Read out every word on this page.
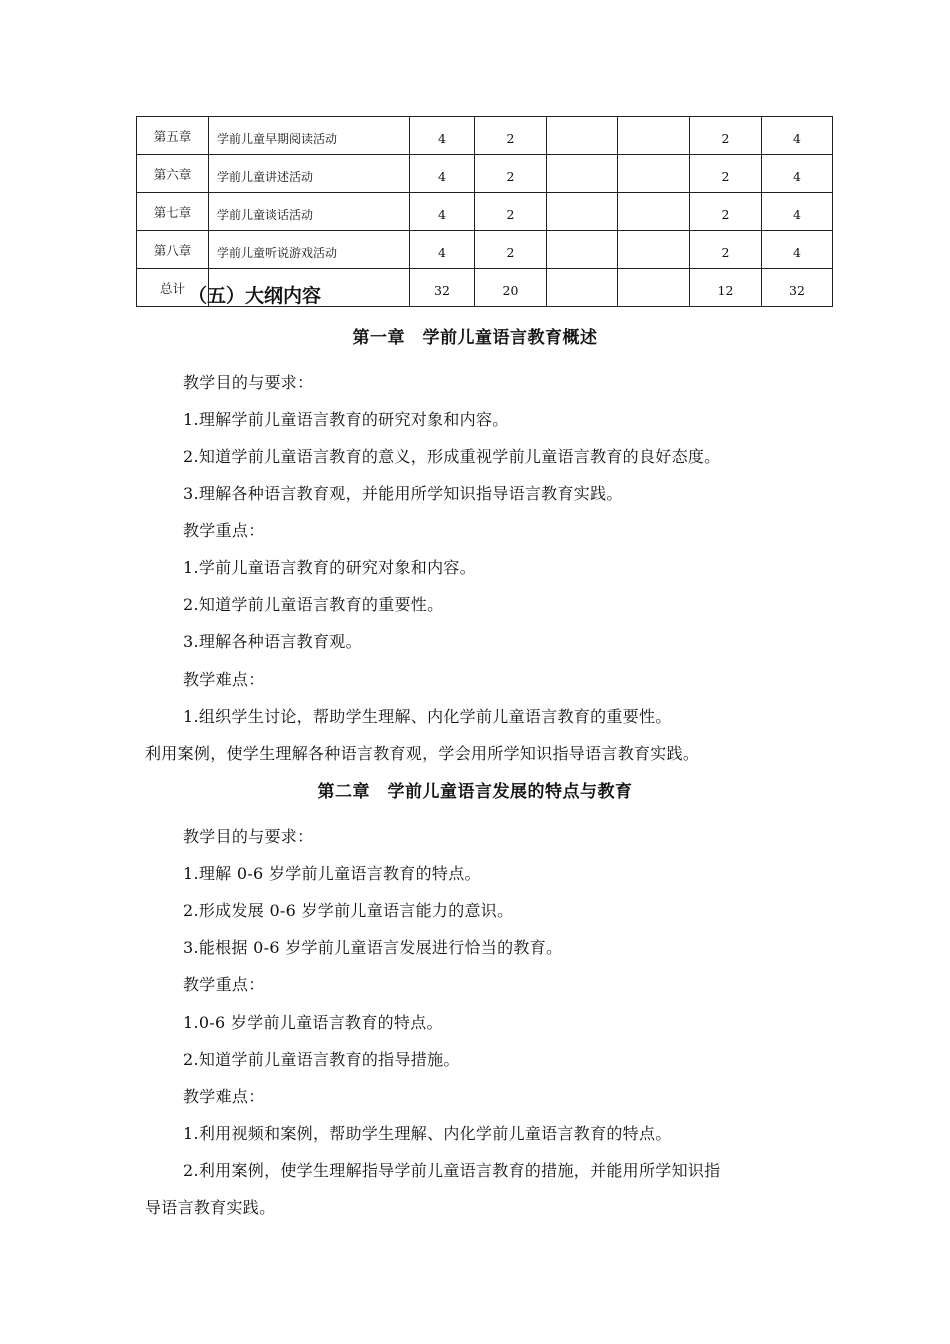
第五章	学前儿童早期阅读活动	4	2			2	4
第六章	学前儿童讲述活动	4	2			2	4
第七章	学前儿童谈话活动	4	2			2	4
第八章	学前儿童听说游戏活动	4	2			2	4
总计		32	20			12	32
（五）大纲内容
第一章　学前儿童语言教育概述
教学目的与要求：
1.理解学前儿童语言教育的研究对象和内容。
2.知道学前儿童语言教育的意义，形成重视学前儿童语言教育的良好态度。
3.理解各种语言教育观，并能用所学知识指导语言教育实践。
教学重点：
1.学前儿童语言教育的研究对象和内容。
2.知道学前儿童语言教育的重要性。
3.理解各种语言教育观。
教学难点：
1.组织学生讨论，帮助学生理解、内化学前儿童语言教育的重要性。
利用案例，使学生理解各种语言教育观，学会用所学知识指导语言教育实践。
第二章　学前儿童语言发展的特点与教育
教学目的与要求：
1.理解 0-6 岁学前儿童语言教育的特点。
2.形成发展 0-6 岁学前儿童语言能力的意识。
3.能根据 0-6 岁学前儿童语言发展进行恰当的教育。
教学重点：
1.0-6 岁学前儿童语言教育的特点。
2.知道学前儿童语言教育的指导措施。
教学难点：
1.利用视频和案例，帮助学生理解、内化学前儿童语言教育的特点。
2.利用案例，使学生理解指导学前儿童语言教育的措施，并能用所学知识指
导语言教育实践。
